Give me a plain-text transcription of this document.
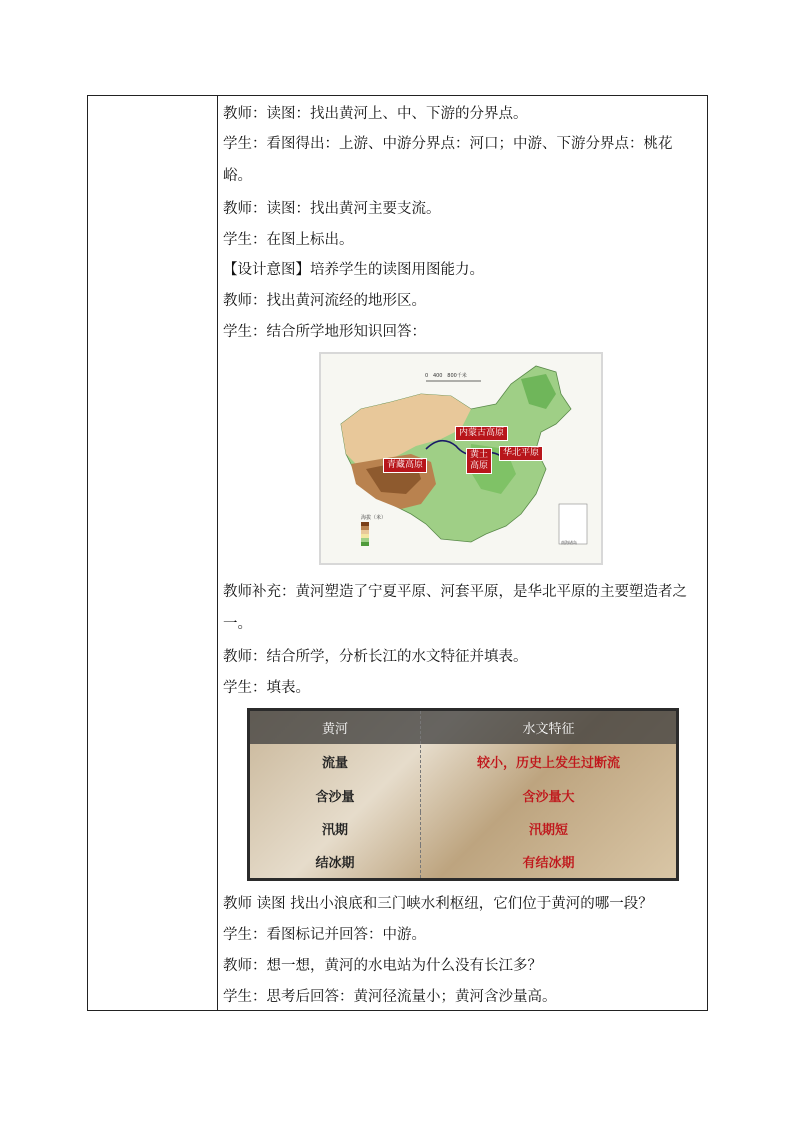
教师：读图：找出黄河上、中、下游的分界点。
学生：看图得出：上游、中游分界点：河口；中游、下游分界点：桃花峪。
教师：读图：找出黄河主要支流。
学生：在图上标出。
【设计意图】培养学生的读图用图能力。
教师：找出黄河流经的地形区。
学生：结合所学地形知识回答：
内蒙古高原
青藏高原
黄土
高原
华北平原
0   400   800千米
海拔（米）
南海诸岛
教师补充：黄河塑造了宁夏平原、河套平原，是华北平原的主要塑造者之一。
教师：结合所学，分析长江的水文特征并填表。
学生：填表。
黄河	水文特征
流量	较小，历史上发生过断流
含沙量	含沙量大
汛期	汛期短
结冰期	有结冰期
教师 读图 找出小浪底和三门峡水利枢纽，它们位于黄河的哪一段？
学生：看图标记并回答：中游。
教师：想一想，黄河的水电站为什么没有长江多？
学生：思考后回答：黄河径流量小；黄河含沙量高。
